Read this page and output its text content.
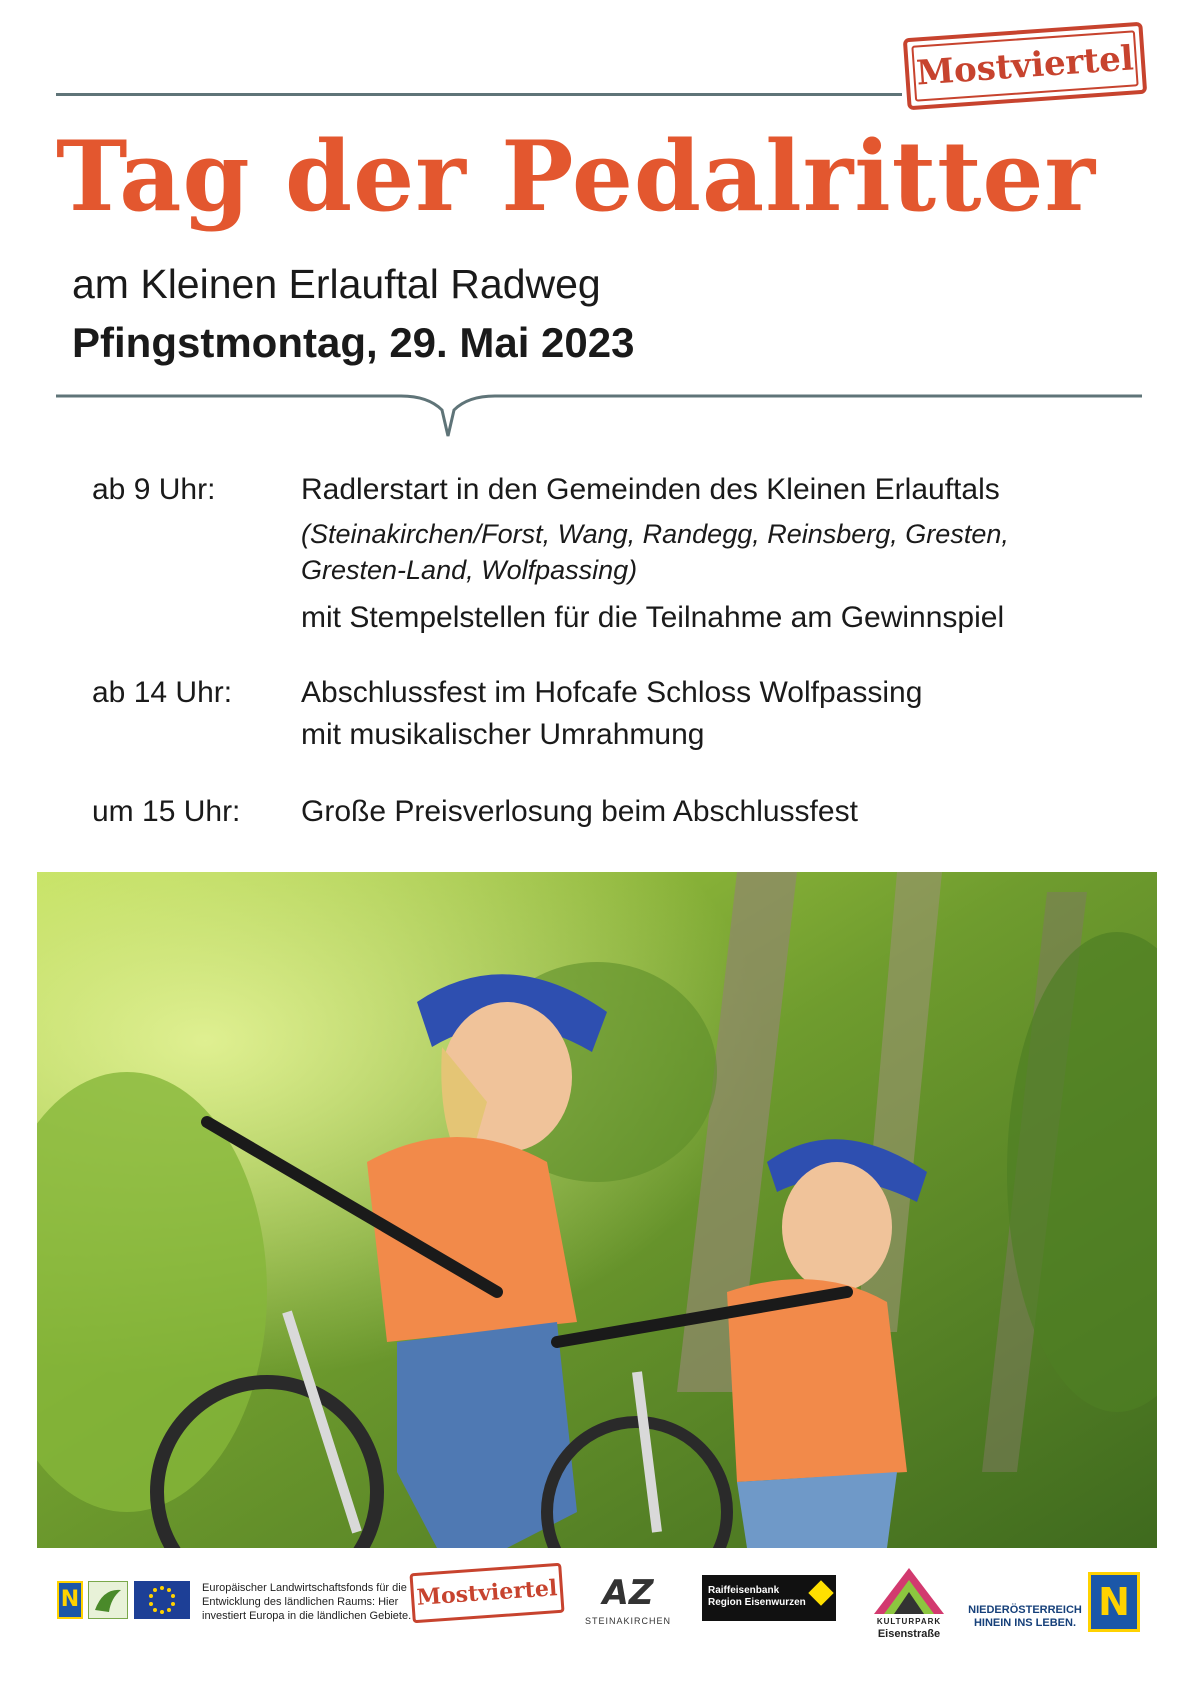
Mostviertel
Tag der Pedalritter
am Kleinen Erlauftal Radweg
Pfingstmontag, 29. Mai 2023
ab 9 Uhr:	Radlerstart in den Gemeinden des Kleinen Erlauftals
(Steinakirchen/Forst, Wang, Randegg, Reinsberg, Gresten,
Gresten-Land, Wolfpassing)
mit Stempelstellen für die Teilnahme am Gewinnspiel
ab 14 Uhr: Abschlussfest im Hofcafe Schloss Wolfpassing
mit musikalischer Umrahmung
um 15 Uhr: Große Preisverlosung beim Abschlussfest
N	Europäischer Landwirtschaftsfonds für die Entwicklung des ländlichen Raums: Hier investiert Europa in die ländlichen Gebiete.
Mostviertel AZ
STEINAKIRCHEN
Raiffeisenbank
Region Eisenwurzen
KULTURPARK
Eisenstraße
NIEDERÖSTERREICH
HINEIN INS LEBEN. N
